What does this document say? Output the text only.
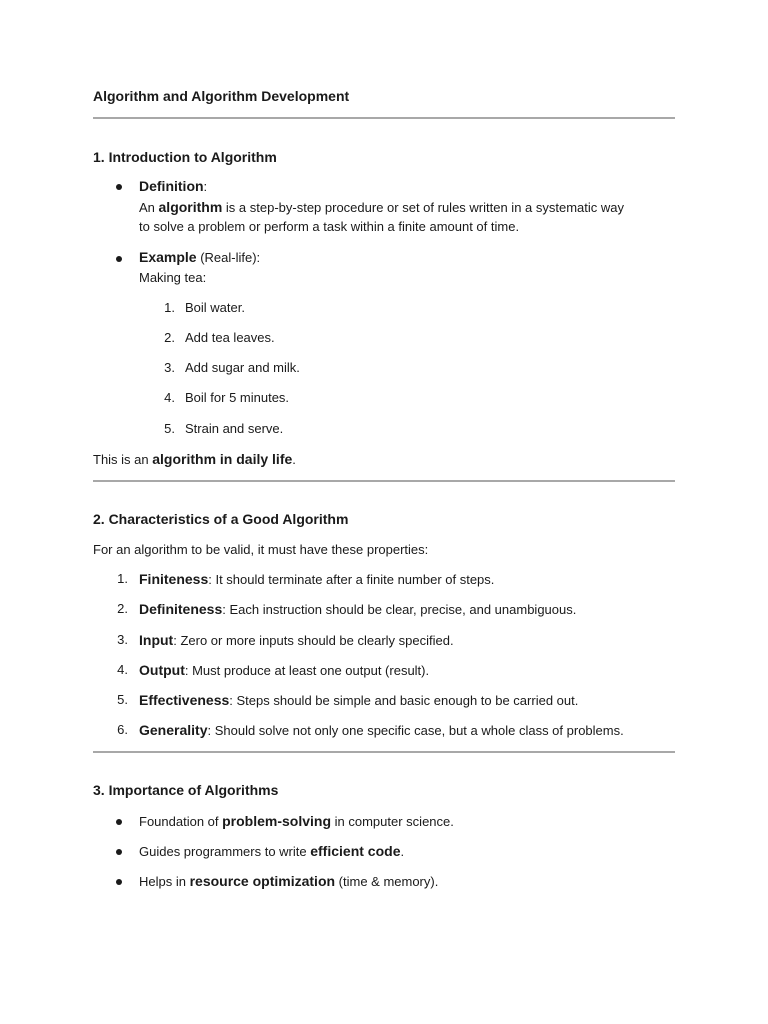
Algorithm and Algorithm Development
1. Introduction to Algorithm
Definition:
An algorithm is a step-by-step procedure or set of rules written in a systematic way
to solve a problem or perform a task within a finite amount of time.
Example (Real-life):
Making tea:
1. Boil water.
2. Add tea leaves.
3. Add sugar and milk.
4. Boil for 5 minutes.
5. Strain and serve.
This is an algorithm in daily life.
2. Characteristics of a Good Algorithm
For an algorithm to be valid, it must have these properties:
1. Finiteness: It should terminate after a finite number of steps.
2. Definiteness: Each instruction should be clear, precise, and unambiguous.
3. Input: Zero or more inputs should be clearly specified.
4. Output: Must produce at least one output (result).
5. Effectiveness: Steps should be simple and basic enough to be carried out.
6. Generality: Should solve not only one specific case, but a whole class of problems.
3. Importance of Algorithms
Foundation of problem-solving in computer science.
Guides programmers to write efficient code.
Helps in resource optimization (time & memory).
